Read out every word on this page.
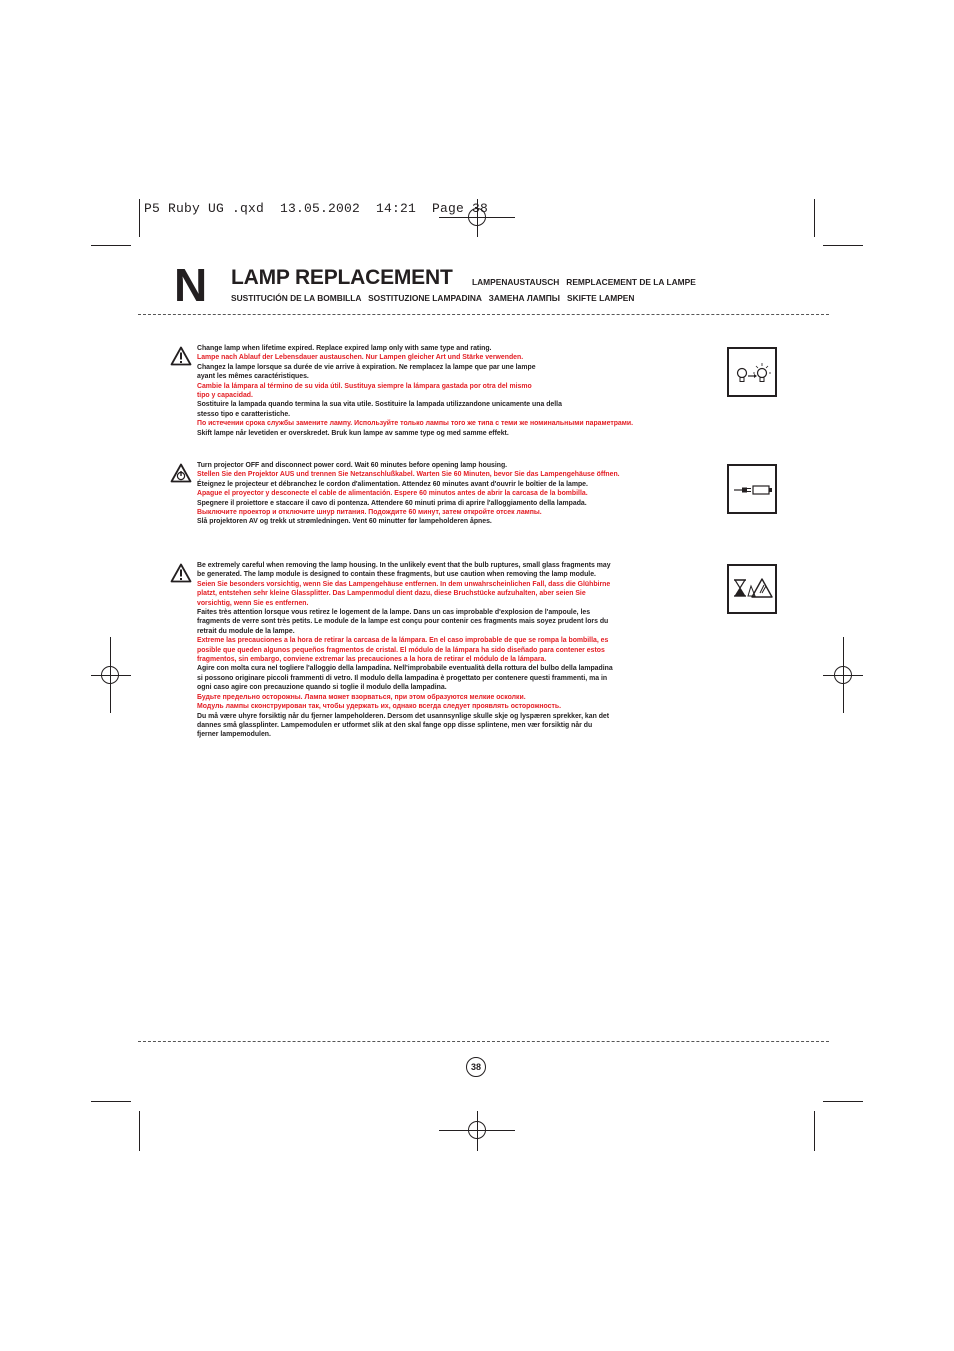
P5 Ruby UG .qxd  13.05.2002  14:21  Page 38
N LAMP REPLACEMENT LAMPENAUSTAUSCH   REMPLACEMENT DE LA LAMPE
SUSTITUCIÓN DE LA BOMBILLA   SOSTITUZIONE LAMPADINA   ЗАМЕНА ЛАМПЫ   SKIFTE LAMPEN

Change lamp when lifetime expired. Replace expired lamp only with same type and rating.

Lampe nach Ablauf der Lebensdauer austauschen. Nur Lampen gleicher Art und Stärke verwenden.

Changez la lampe lorsque sa durée de vie arrive à expiration. Ne remplacez la lampe que par une lampe

ayant les mêmes caractéristiques.

Cambie la lámpara al término de su vida útil. Sustituya siempre la lámpara gastada por otra del mismo

tipo y capacidad.

Sostituire la lampada quando termina la sua vita utile. Sostituire la lampada utilizzandone unicamente una della

stesso tipo e caratteristiche.

По истечении срока службы замените лампу. Используйте только лампы того же типа с теми же номинальными параметрами.

Skift lampe når levetiden er overskredet. Bruk kun lampe av samme type og med samme effekt.

Turn projector OFF and disconnect power cord. Wait 60 minutes before opening lamp housing.

Stellen Sie den Projektor AUS und trennen Sie Netzanschlußkabel. Warten Sie 60 Minuten, bevor Sie das Lampengehäuse öffnen.

Éteignez le projecteur et débranchez le cordon d'alimentation. Attendez 60 minutes avant d'ouvrir le boîtier de la lampe.

Apague el proyector y desconecte el cable de alimentación. Espere 60 minutos antes de abrir la carcasa de la bombilla.

Spegnere il proiettore e staccare il cavo di pontenza. Attendere 60 minuti prima di aprire l'alloggiamento della lampada.

Выключите проектор и отключите шнур питания. Подождите 60 минут, затем откройте отсек лампы.

Slå projektoren AV og trekk ut strømledningen. Vent 60 minutter før lampeholderen åpnes.

Be extremely careful when removing the lamp housing. In the unlikely event that the bulb ruptures, small glass fragments may

be generated. The lamp module is designed to contain these fragments, but use caution when removing the lamp module.

Seien Sie besonders vorsichtig, wenn Sie das Lampengehäuse entfernen. In dem unwahrscheinlichen Fall, dass die Glühbirne

platzt, entstehen sehr kleine Glassplitter. Das Lampenmodul dient dazu, diese Bruchstücke aufzuhalten, aber seien Sie

vorsichtig, wenn Sie es entfernen.

Faites très attention lorsque vous retirez le logement de la lampe. Dans un cas improbable d'explosion de l'ampoule, les

fragments de verre sont très petits. Le module de la lampe est conçu pour contenir ces fragments mais soyez prudent lors du

retrait du module de la lampe.

Extreme las precauciones a la hora de retirar la carcasa de la lámpara. En el caso improbable de que se rompa la bombilla, es

posible que queden algunos pequeños fragmentos de cristal. El módulo de la lámpara ha sido diseñado para contener estos

fragmentos, sin embargo, conviene extremar las precauciones a la hora de retirar el módulo de la lámpara.

Agire con molta cura nel togliere l'alloggio della lampadina. Nell'improbabile eventualità della rottura del bulbo della lampadina

si possono originare piccoli frammenti di vetro. Il modulo della lampadina è progettato per contenere questi frammenti, ma in

ogni caso agire con precauzione quando si toglie il modulo della lampadina.

Будьте предельно осторожны. Лампа может взорваться, при этом образуются мелкие осколки.

Модуль лампы сконструирован так, чтобы удержать их, однако всегда следует проявлять осторожность.

Du må være uhyre forsiktig når du fjerner lampeholderen. Dersom det usannsynlige skulle skje og lyspæren sprekker, kan det

dannes små glassplinter. Lampemodulen er utformet slik at den skal fange opp disse splintene, men vær forsiktig når du

fjerner lampemodulen.

38
